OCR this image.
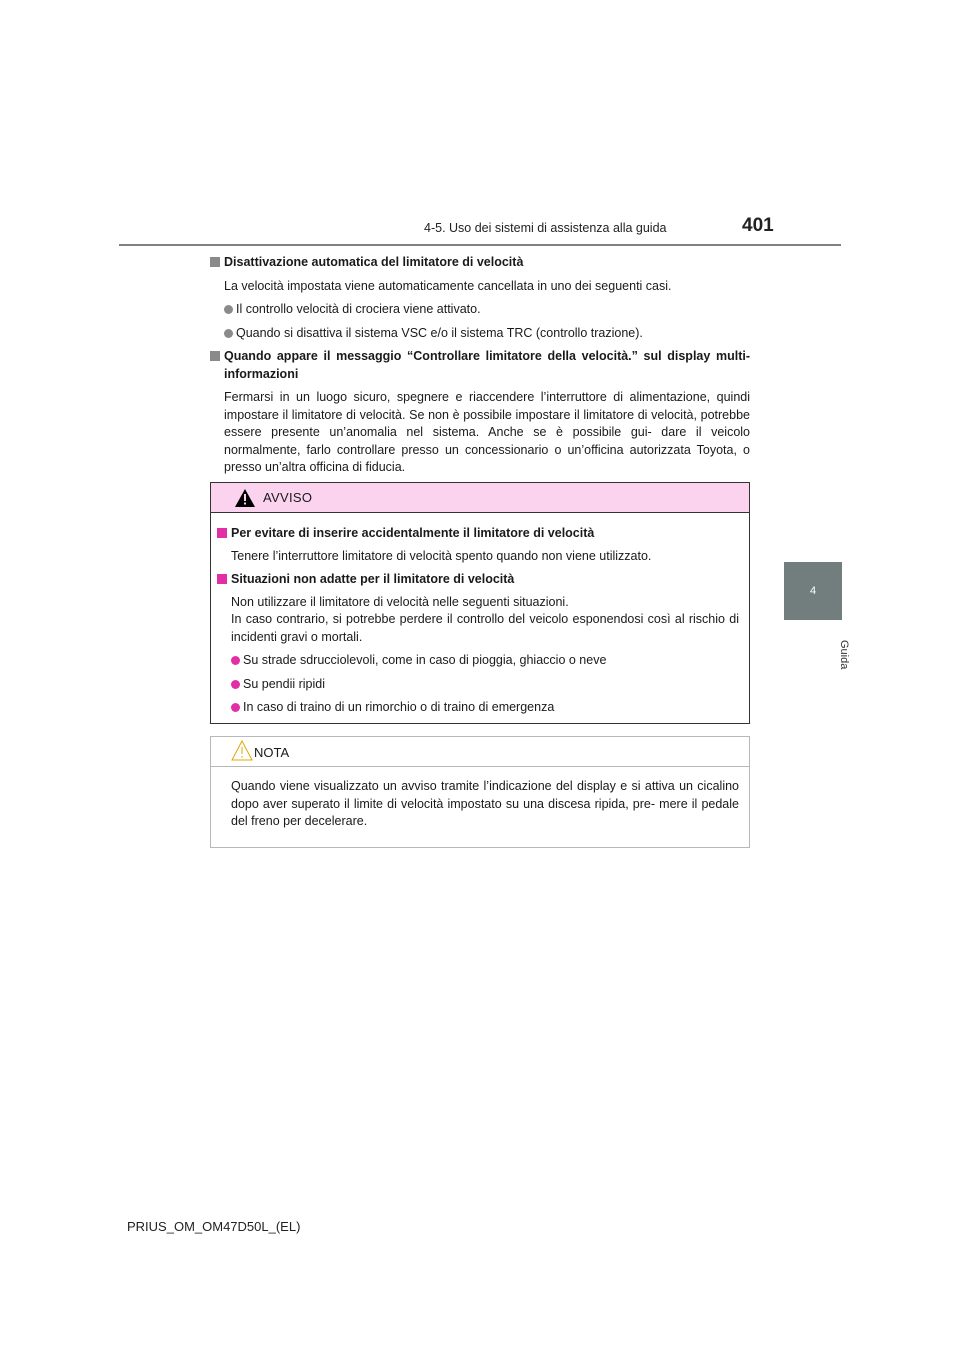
4-5. Uso dei sistemi di assistenza alla guida	401
4
Guida
Disattivazione automatica del limitatore di velocità
La velocità impostata viene automaticamente cancellata in uno dei seguenti casi.
Il controllo velocità di crociera viene attivato.
Quando si disattiva il sistema VSC e/o il sistema TRC (controllo trazione).
Quando appare il messaggio “Controllare limitatore della velocità.” sul display multi-informazioni
Fermarsi in un luogo sicuro, spegnere e riaccendere l’interruttore di alimentazione, quindi impostare il limitatore di velocità. Se non è possibile impostare il limitatore di velocità, potrebbe essere presente un’anomalia nel sistema. Anche se è possibile gui- dare il veicolo normalmente, farlo controllare presso un concessionario o un’officina autorizzata Toyota, o presso un’altra officina di fiducia.
AVVISO
Per evitare di inserire accidentalmente il limitatore di velocità
Tenere l’interruttore limitatore di velocità spento quando non viene utilizzato.
Situazioni non adatte per il limitatore di velocità
Non utilizzare il limitatore di velocità nelle seguenti situazioni.
In caso contrario, si potrebbe perdere il controllo del veicolo esponendosi così al rischio di incidenti gravi o mortali.
Su strade sdrucciolevoli, come in caso di pioggia, ghiaccio o neve
Su pendii ripidi
In caso di traino di un rimorchio o di traino di emergenza
NOTA
Quando viene visualizzato un avviso tramite l’indicazione del display e si attiva un cicalino dopo aver superato il limite di velocità impostato su una discesa ripida, pre- mere il pedale del freno per decelerare.
PRIUS_OM_OM47D50L_(EL)
